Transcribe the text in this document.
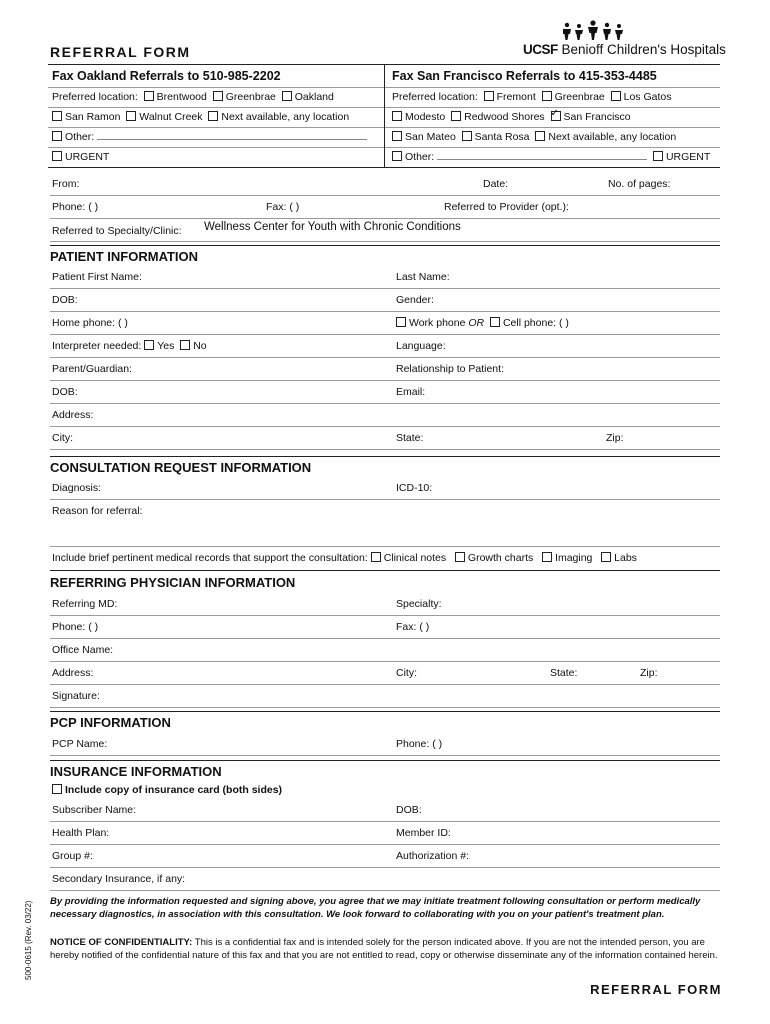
REFERRAL FORM	UCSF Benioff Children's Hospitals
Fax Oakland Referrals to 510-985-2202	Fax San Francisco Referrals to 415-353-4485
Preferred location: Brentwood Greenbrae Oakland
San Ramon Walnut Creek Next available, any location
Other:
URGENT
Preferred location: Fremont Greenbrae Los Gatos
Modesto Redwood Shores  ✓ San Francisco
San Mateo Santa Rosa Next available, any location
Other:	URGENT
From:	Date:	No. of pages:
Phone: ( )	Fax: ( )	Referred to Provider (opt.):
Referred to Specialty/Clinic: Wellness Center for Youth with Chronic Conditions
PATIENT INFORMATION
Patient First Name:	Last Name:
DOB:	Gender:
Home phone: ( )	Work phone OR Cell phone: ( )
Interpreter needed: Yes No	Language:
Parent/Guardian:	Relationship to Patient:
DOB:	Email:
Address:
City:	State:	Zip:
CONSULTATION REQUEST INFORMATION
Diagnosis:	ICD-10:
Reason for referral:
Include brief pertinent medical records that support the consultation: Clinical notes Growth charts Imaging Labs
REFERRING PHYSICIAN INFORMATION
Referring MD:	Specialty:
Phone: ( )	Fax: ( )
Office Name:
Address:	City:	State:	Zip:
Signature:
PCP INFORMATION
PCP Name:	Phone: ( )
INSURANCE INFORMATION
Include copy of insurance card (both sides)
Subscriber Name:	DOB:
Health Plan:	Member ID:
Group #:	Authorization #:
Secondary Insurance, if any:
By providing the information requested and signing above, you agree that we may initiate treatment following consultation or perform medically necessary diagnostics, in association with this consultation. We look forward to collaborating with you on your patient's treatment plan.
NOTICE OF CONFIDENTIALITY: This is a confidential fax and is intended solely for the person indicated above. If you are not the intended person, you are hereby notified of the confidential nature of this fax and that you are not entitled to read, copy or otherwise disseminate any of the information contained herein.
500-0615 (Rev. 03/22)
REFERRAL FORM
